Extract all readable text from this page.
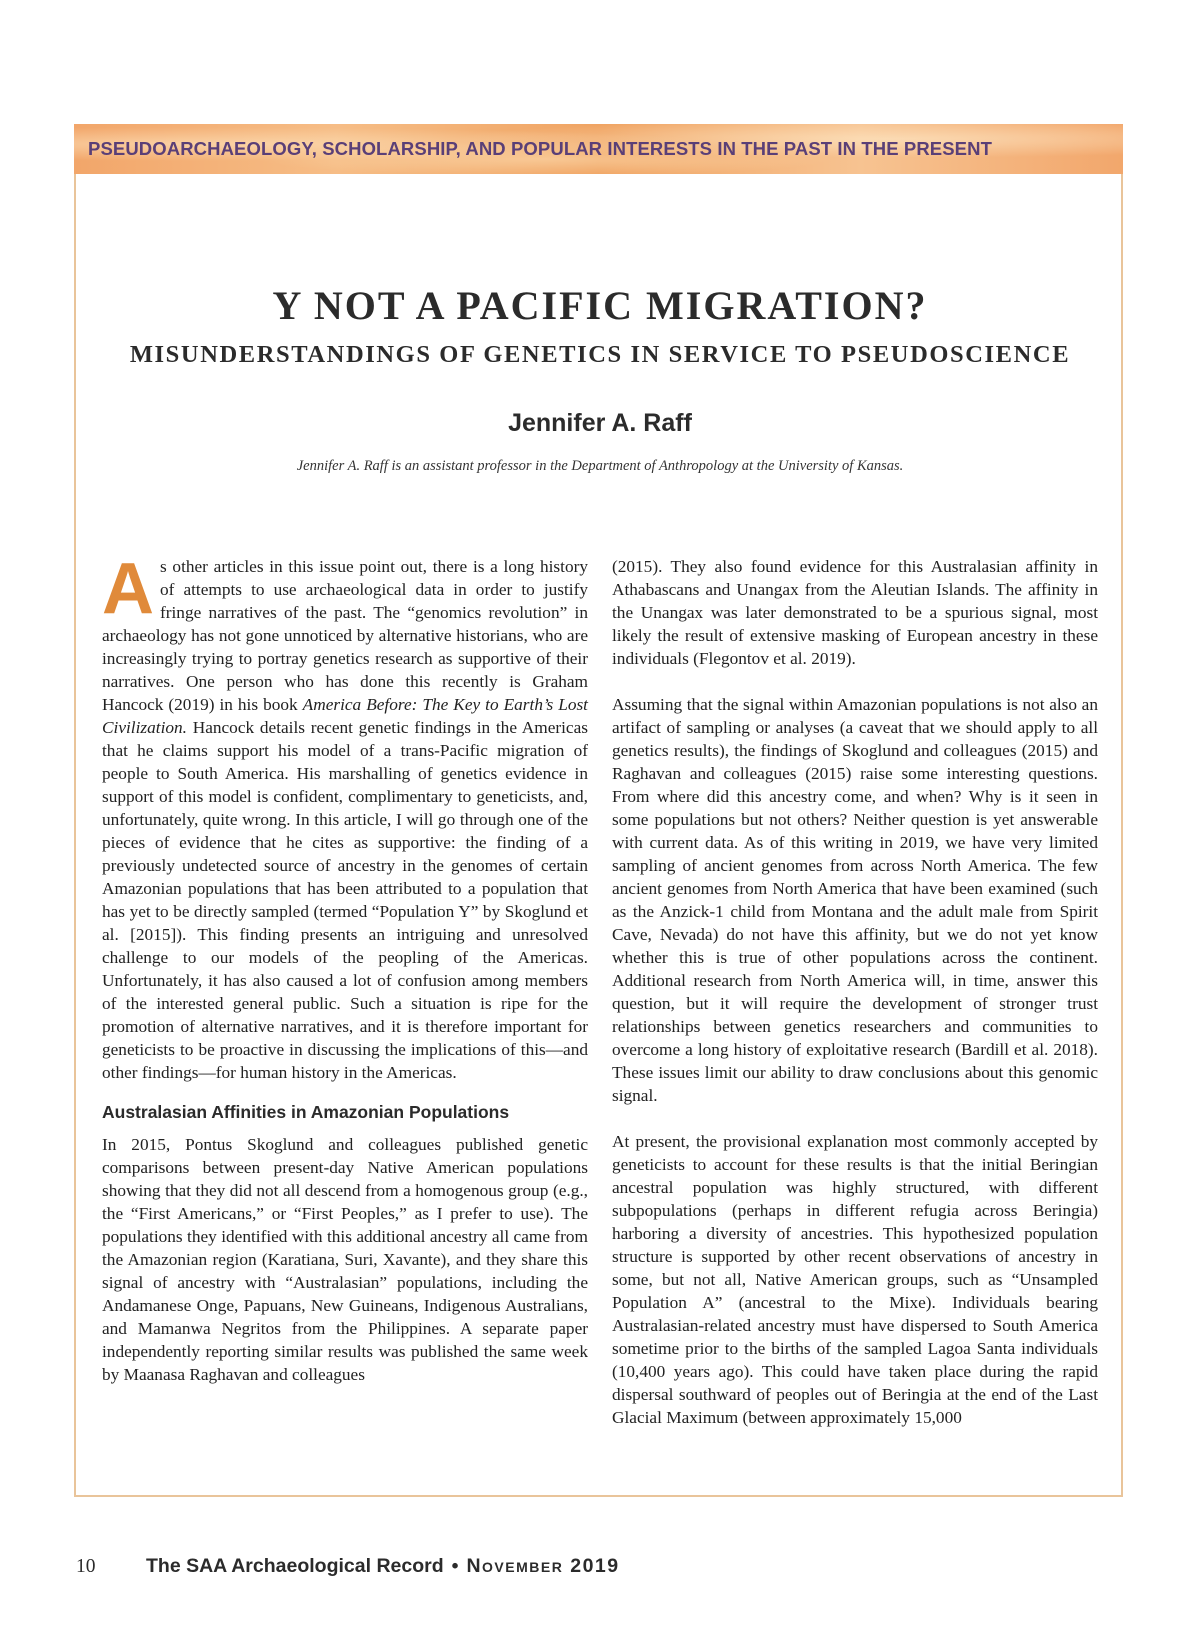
PSEUDOARCHAEOLOGY, SCHOLARSHIP, AND POPULAR INTERESTS IN THE PAST IN THE PRESENT
Y NOT A PACIFIC MIGRATION?
MISUNDERSTANDINGS OF GENETICS IN SERVICE TO PSEUDOSCIENCE
Jennifer A. Raff
Jennifer A. Raff is an assistant professor in the Department of Anthropology at the University of Kansas.

As other articles in this issue point out, there is a long history of attempts to use archaeological data in order to justify fringe narratives of the past. The “genomics revolution” in archaeology has not gone unnoticed by alternative historians, who are increasingly trying to portray genetics research as supportive of their narratives. One person who has done this recently is Graham Hancock (2019) in his book America Before: The Key to Earth’s Lost Civilization. Hancock details recent genetic findings in the Americas that he claims support his model of a trans-Pacific migration of people to South America. His marshalling of genetics evidence in support of this model is confident, complimentary to geneticists, and, unfortunately, quite wrong. In this article, I will go through one of the pieces of evidence that he cites as supportive: the finding of a previously undetected source of ancestry in the genomes of certain Amazonian populations that has been attributed to a population that has yet to be directly sampled (termed “Population Y” by Skoglund et al. [2015]). This finding presents an intriguing and unresolved challenge to our models of the peopling of the Americas. Unfortunately, it has also caused a lot of confusion among members of the interested general public. Such a situation is ripe for the promotion of alternative narratives, and it is therefore important for geneticists to be proactive in discussing the implications of this—and other findings—for human history in the Americas.

Australasian Affinities in Amazonian Populations

In 2015, Pontus Skoglund and colleagues published genetic comparisons between present-day Native American populations showing that they did not all descend from a homogenous group (e.g., the “First Americans,” or “First Peoples,” as I prefer to use). The populations they identified with this additional ancestry all came from the Amazonian region (Karatiana, Suri, Xavante), and they share this signal of ancestry with “Australasian” populations, including the Andamanese Onge, Papuans, New Guineans, Indigenous Australians, and Mamanwa Negritos from the Philippines. A separate paper independently reporting similar results was published the same week by Maanasa Raghavan and colleagues

(2015). They also found evidence for this Australasian affinity in Athabascans and Unangax from the Aleutian Islands. The affinity in the Unangax was later demonstrated to be a spurious signal, most likely the result of extensive masking of European ancestry in these individuals (Flegontov et al. 2019).

Assuming that the signal within Amazonian populations is not also an artifact of sampling or analyses (a caveat that we should apply to all genetics results), the findings of Skoglund and colleagues (2015) and Raghavan and colleagues (2015) raise some interesting questions. From where did this ancestry come, and when? Why is it seen in some populations but not others? Neither question is yet answerable with current data. As of this writing in 2019, we have very limited sampling of ancient genomes from across North America. The few ancient genomes from North America that have been examined (such as the Anzick-1 child from Montana and the adult male from Spirit Cave, Nevada) do not have this affinity, but we do not yet know whether this is true of other populations across the continent. Additional research from North America will, in time, answer this question, but it will require the development of stronger trust relationships between genetics researchers and communities to overcome a long history of exploitative research (Bardill et al. 2018). These issues limit our ability to draw conclusions about this genomic signal.

At present, the provisional explanation most commonly accepted by geneticists to account for these results is that the initial Beringian ancestral population was highly structured, with different subpopulations (perhaps in different refugia across Beringia) harboring a diversity of ancestries. This hypothesized population structure is supported by other recent observations of ancestry in some, but not all, Native American groups, such as “Unsampled Population A” (ancestral to the Mixe). Individuals bearing Australasian-related ancestry must have dispersed to South America sometime prior to the births of the sampled Lagoa Santa individuals (10,400 years ago). This could have taken place during the rapid dispersal southward of peoples out of Beringia at the end of the Last Glacial Maximum (between approximately 15,000

10	The SAA Archaeological Record • November 2019
